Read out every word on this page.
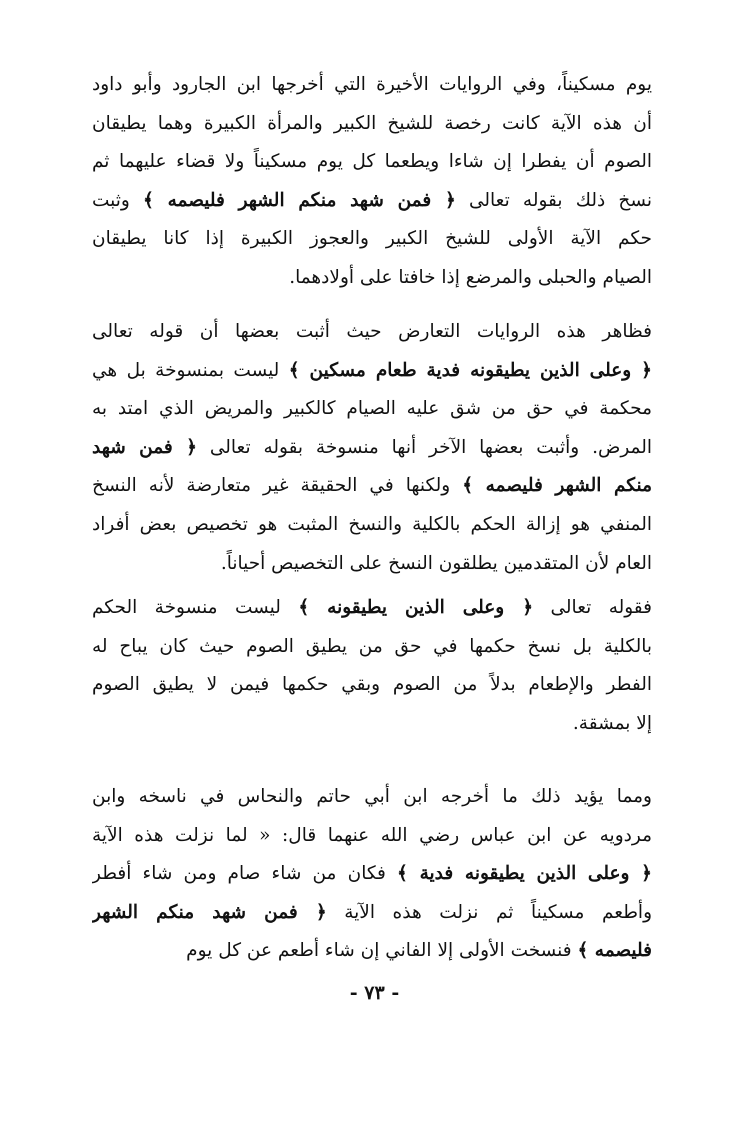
يوم مسكيناً، وفي الروايات الأخيرة التي أخرجها ابن الجارود وأبو داود
أن هذه الآية كانت رخصة للشيخ الكبير والمرأة الكبيرة وهما يطيقان
الصوم أن يفطرا إن شاءا ويطعما كل يوم مسكيناً ولا قضاء عليهما ثم
نسخ ذلك بقوله تعالى ﴿ فمن شهد منكم الشهر فليصمه ﴾ وثبت
حكم الآية الأولى للشيخ الكبير والعجوز الكبيرة إذا كانا يطيقان
الصيام والحبلى والمرضع إذا خافتا على أولادهما.
فظاهر هذه الروايات التعارض حيث أثبت بعضها أن قوله تعالى
﴿ وعلى الذين يطيقونه فدية طعام مسكين ﴾ ليست بمنسوخة بل هي
محكمة في حق من شق عليه الصيام كالكبير والمريض الذي امتد به
المرض. وأثبت بعضها الآخر أنها منسوخة بقوله تعالى ﴿ فمن شهد
منكم الشهر فليصمه ﴾ ولكنها في الحقيقة غير متعارضة لأنه النسخ
المنفي هو إزالة الحكم بالكلية والنسخ المثبت هو تخصيص بعض أفراد
العام لأن المتقدمين يطلقون النسخ على التخصيص أحياناً.
فقوله تعالى ﴿ وعلى الذين يطيقونه ﴾ ليست منسوخة الحكم
بالكلية بل نسخ حكمها في حق من يطيق الصوم حيث كان يباح له
الفطر والإطعام بدلاً من الصوم وبقي حكمها فيمن لا يطيق الصوم
إلا بمشقة.
ومما يؤيد ذلك ما أخرجه ابن أبي حاتم والنحاس في ناسخه وابن
مردويه عن ابن عباس رضي الله عنهما قال: « لما نزلت هذه الآية
﴿ وعلى الذين يطيقونه فدية ﴾ فكان من شاء صام ومن شاء أفطر
وأطعم مسكيناً ثم نزلت هذه الآية ﴿ فمن شهد منكم الشهر
فليصمه ﴾ فنسخت الأولى إلا الفاني إن شاء أطعم عن كل يوم
- ٧٣ -
